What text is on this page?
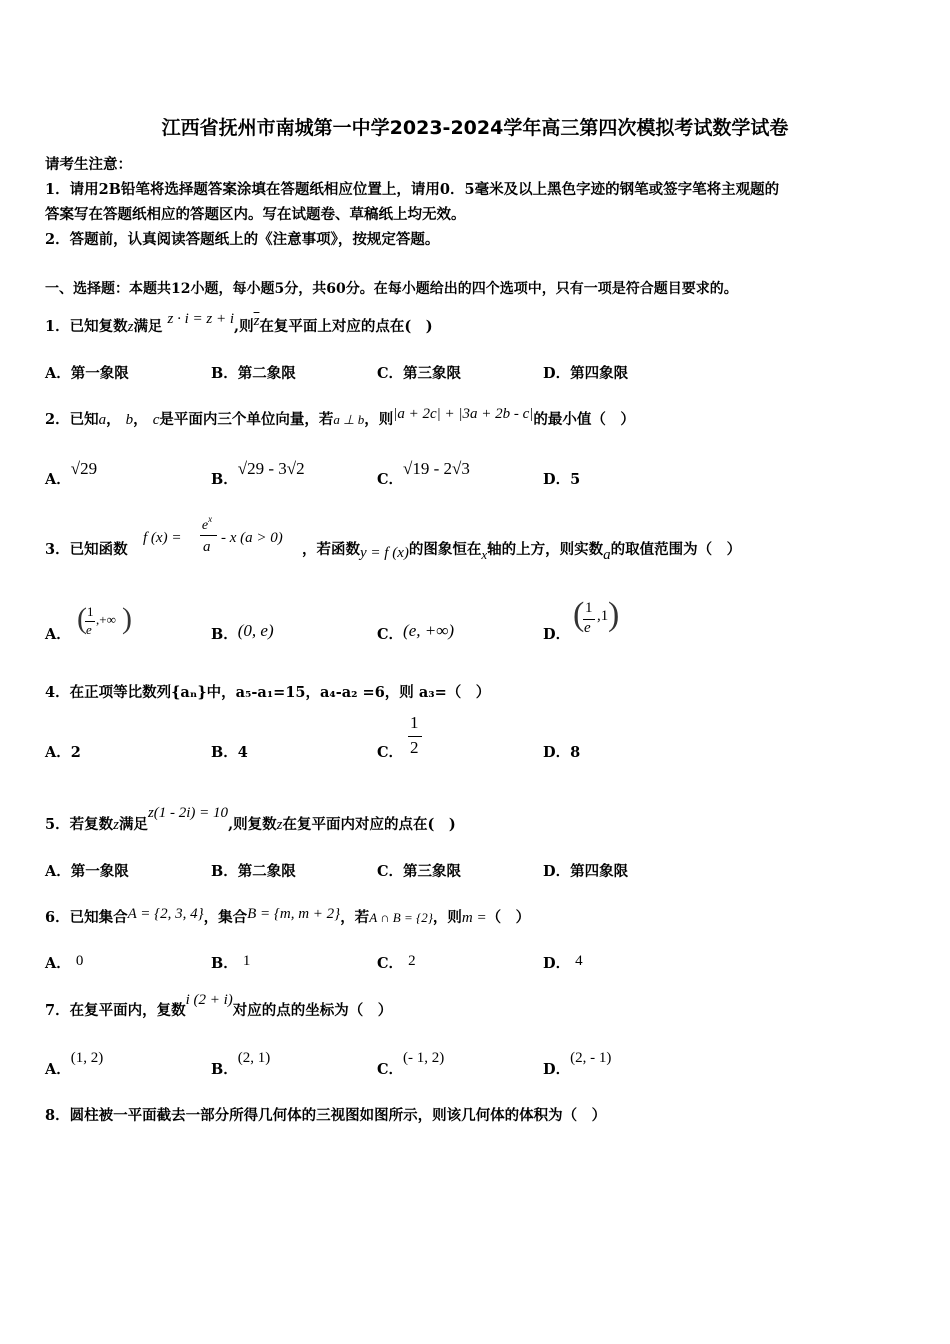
江西省抚州市南城第一中学2023-2024学年高三第四次模拟考试数学试卷
请考生注意：
1．请用2B铅笔将选择题答案涂填在答题纸相应位置上，请用0．5毫米及以上黑色字迹的钢笔或签字笔将主观题的
答案写在答题纸相应的答题区内。写在试题卷、草稿纸上均无效。
2．答题前，认真阅读答题纸上的《注意事项》，按规定答题。
一、选择题：本题共12小题，每小题5分，共60分。在每小题给出的四个选项中，只有一项是符合题目要求的。
1．已知复数z满足 z · i = z + i,则$\overline{z}$在复平面上对应的点在(　)
A．第一象限	B．第二象限	C．第三象限	D．第四象限
2．已知a， b， c是平面内三个单位向量，若a ⊥ b，则|a + 2c| + |3a + 2b - c|的最小值（　）
A．√29
B．√29 - 3√2
C．√19 - 2√3
D．5
3．已知函数
f (x) =
$e^x$
a
- x (a > 0)
，若函数y = f (x)的图象恒在x轴的上方，则实数a的取值范围为（　）
A． ( 1
e
,+∞ )	B．(0, e)	C．(e, +∞)	D．
( 1
e
,1 )
4．在正项等比数列{aₙ}中，a₅-a₁=15，a₄-a₂ =6，则 a₃=（　）
A．2	B．4	C．
1
2	D．8
5．若复数z满足z(1 - 2i) = 10,则复数z在复平面内对应的点在(　)
A．第一象限	B．第二象限	C．第三象限	D．第四象限
6．已知集合A = {2, 3, 4}，集合B = {m, m + 2}，若A ∩ B = {2}，则m =（　）
A． 0	B． 1	C． 2	D． 4
7．在复平面内，复数i (2 + i)对应的点的坐标为（　）
A．(1, 2)
B．(2, 1)
C．(- 1, 2)
D．(2, - 1)
8．圆柱被一平面截去一部分所得几何体的三视图如图所示，则该几何体的体积为（　）
